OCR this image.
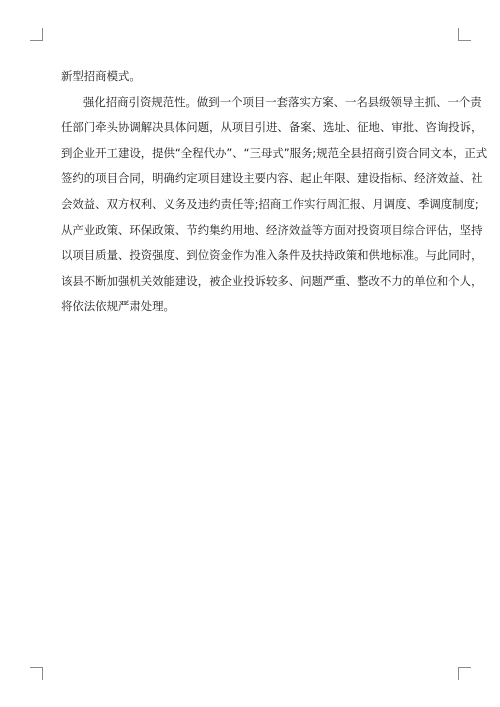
新型招商模式。
强化招商引资规范性。做到一个项目一套落实方案、一名县级领导主抓、一个责
任部门牵头协调解决具体问题，从项目引进、备案、选址、征地、审批、咨询投诉，
到企业开工建设，提供“全程代办”、“三母式”服务;规范全县招商引资合同文本，正式
签约的项目合同，明确约定项目建设主要内容、起止年限、建设指标、经济效益、社
会效益、双方权利、义务及违约责任等;招商工作实行周汇报、月调度、季调度制度;
从产业政策、环保政策、节约集约用地、经济效益等方面对投资项目综合评估，坚持
以项目质量、投资强度、到位资金作为准入条件及扶持政策和供地标准。与此同时，
该县不断加强机关效能建设，被企业投诉较多、问题严重、整改不力的单位和个人，
将依法依规严肃处理。
